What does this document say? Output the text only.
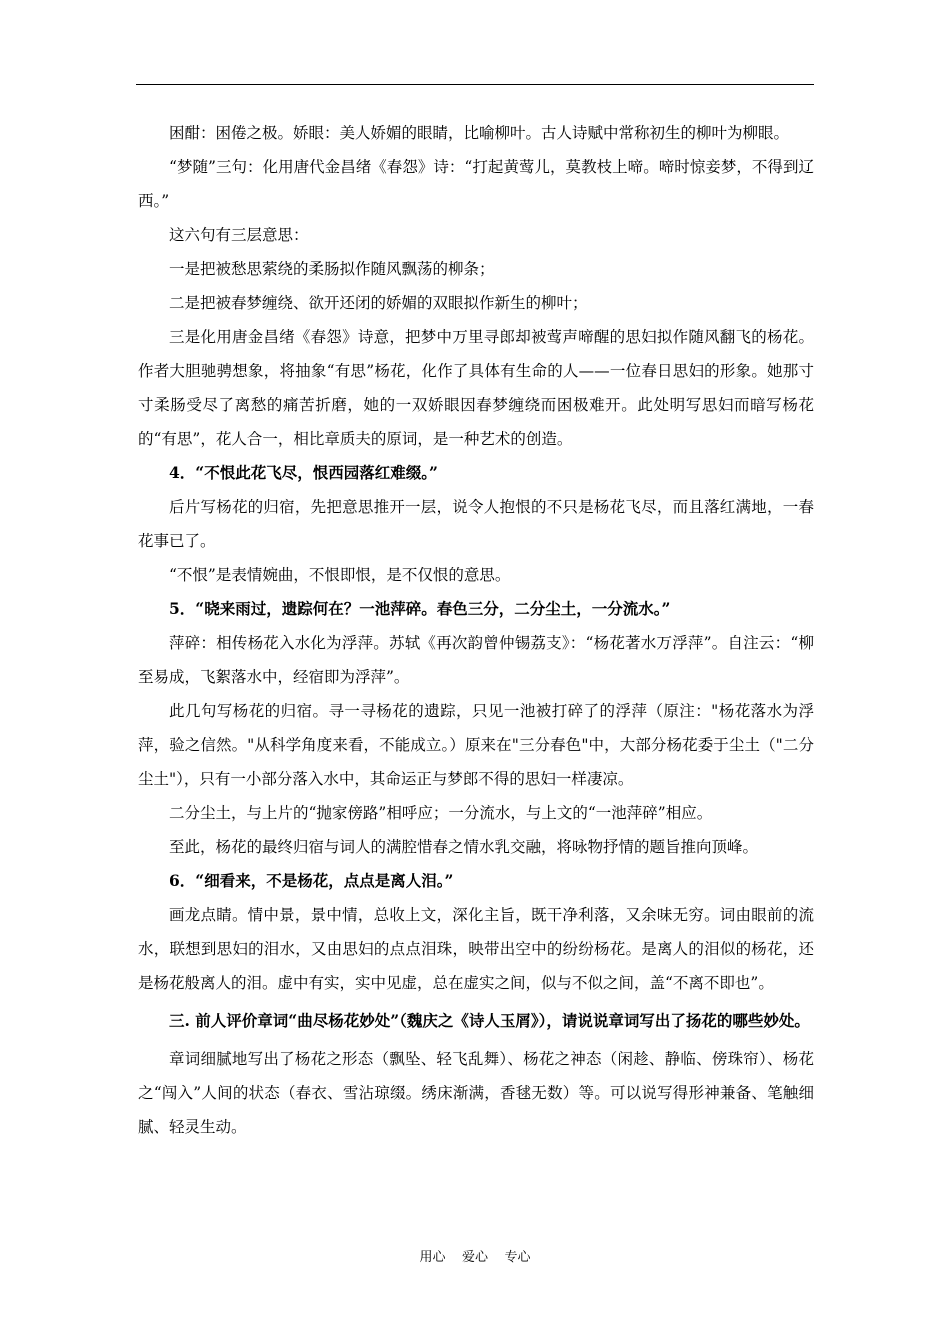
困酣：困倦之极。娇眼：美人娇媚的眼睛，比喻柳叶。古人诗赋中常称初生的柳叶为柳眼。

“梦随”三句：化用唐代金昌绪《春怨》诗：“打起黄莺儿，莫教枝上啼。啼时惊妾梦，不得到辽西。”

这六句有三层意思：

一是把被愁思萦绕的柔肠拟作随风飘荡的柳条；

二是把被春梦缠绕、欲开还闭的娇媚的双眼拟作新生的柳叶；

三是化用唐金昌绪《春怨》诗意，把梦中万里寻郎却被莺声啼醒的思妇拟作随风翻飞的杨花。作者大胆驰骋想象，将抽象“有思”杨花，化作了具体有生命的人——一位春日思妇的形象。她那寸寸柔肠受尽了离愁的痛苦折磨，她的一双娇眼因春梦缠绕而困极难开。此处明写思妇而暗写杨花的“有思”，花人合一，相比章质夫的原词，是一种艺术的创造。

4．“不恨此花飞尽，恨西园落红难缀。”

后片写杨花的归宿，先把意思推开一层，说令人抱恨的不只是杨花飞尽，而且落红满地，一春花事已了。

“不恨”是表情婉曲，不恨即恨，是不仅恨的意思。

5．“晓来雨过，遗踪何在？一池萍碎。春色三分，二分尘土，一分流水。”

萍碎：相传杨花入水化为浮萍。苏轼《再次韵曾仲锡荔支》：“杨花著水万浮萍”。自注云：“柳至易成，飞絮落水中，经宿即为浮萍”。

此几句写杨花的归宿。寻一寻杨花的遗踪，只见一池被打碎了的浮萍（原注："杨花落水为浮萍，验之信然。"从科学角度来看，不能成立。）原来在"三分春色"中，大部分杨花委于尘土（"二分尘土"），只有一小部分落入水中，其命运正与梦郎不得的思妇一样凄凉。

二分尘土，与上片的“抛家傍路”相呼应；一分流水，与上文的“一池萍碎”相应。

至此，杨花的最终归宿与词人的满腔惜春之情水乳交融，将咏物抒情的题旨推向顶峰。

6．“细看来，不是杨花，点点是离人泪。”

画龙点睛。情中景，景中情，总收上文，深化主旨，既干净利落，又余味无穷。词由眼前的流水，联想到思妇的泪水，又由思妇的点点泪珠，映带出空中的纷纷杨花。是离人的泪似的杨花，还是杨花般离人的泪。虚中有实，实中见虚，总在虚实之间，似与不似之间，盖“不离不即也”。

三. 前人评价章词“曲尽杨花妙处”（魏庆之《诗人玉屑》），请说说章词写出了扬花的哪些妙处。

章词细腻地写出了杨花之形态（飘坠、轻飞乱舞）、杨花之神态（闲趁、静临、傍珠帘）、杨花之“闯入”人间的状态（春衣、雪沾琼缀。绣床渐满，香毬无数）等。可以说写得形神兼备、笔触细腻、轻灵生动。

用心    爱心    专心
